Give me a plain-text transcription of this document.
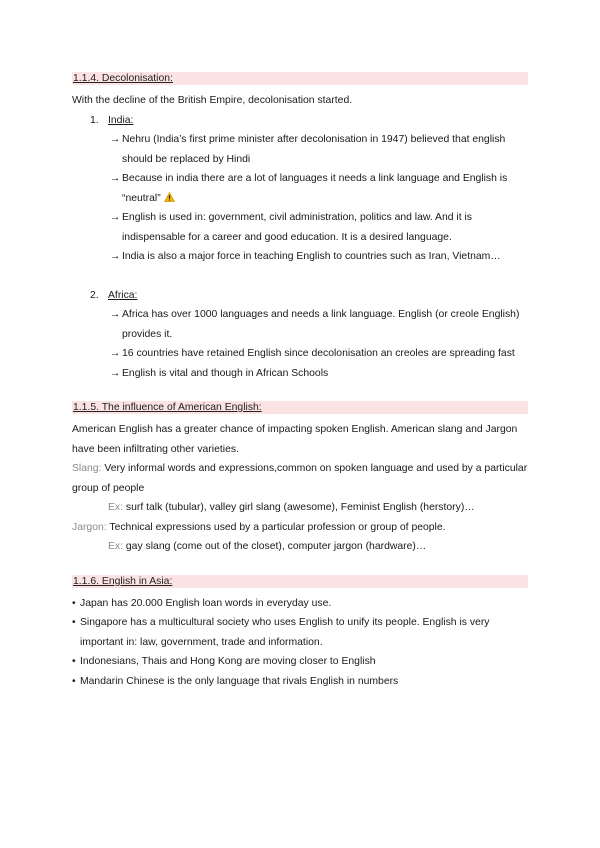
1.1.4. Decolonisation:
With the decline of the British Empire, decolonisation started.
1. India:
→ Nehru (India’s first prime minister after decolonisation in 1947) believed that english should be replaced by Hindi
→ Because in india there are a lot of languages it needs a link language and English is “neutral”
→ English is used in: government, civil administration, politics and law. And it is indispensable for a career and good education. It is a desired language.
→ India is also a major force in teaching English to countries such as Iran, Vietnam…
2. Africa:
→ Africa has over 1000 languages and needs a link language. English (or creole English) provides it.
→ 16 countries have retained English since decolonisation an creoles are spreading fast
→ English is vital and though in African Schools
1.1.5. The influence of American English:
American English has a greater chance of impacting spoken English. American slang and Jargon have been infiltrating other varieties.
Slang: Very informal words and expressions,common on spoken language and used by a particular group of people
Ex: surf talk (tubular), valley girl slang (awesome), Feminist English (herstory)…
Jargon: Technical expressions used by a particular profession or group of people.
Ex: gay slang (come out of the closet), computer jargon (hardware)…
1.1.6. English in Asia:
• Japan has 20.000 English loan words in everyday use.
• Singapore has a multicultural society who uses English to unify its people. English is very important in: law, government, trade and information.
• Indonesians, Thais and Hong Kong are moving closer to English
• Mandarin Chinese is the only language that rivals English in numbers
